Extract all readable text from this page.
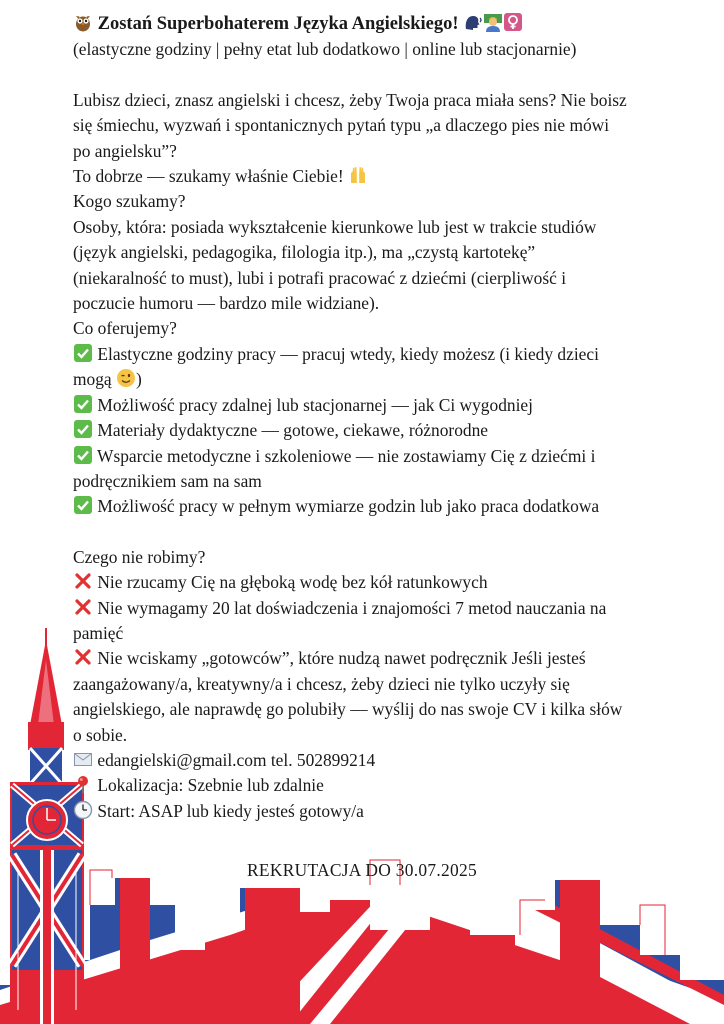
Zostań Superbohaterem Języka Angielskiego!

(elastyczne godziny | pełny etat lub dodatkowo | online lub stacjonarnie)

Lubisz dzieci, znasz angielski i chcesz, żeby Twoja praca miała sens? Nie boisz

się śmiechu, wyzwań i spontanicznych pytań typu „a dlaczego pies nie mówi

po angielsku”?

To dobrze — szukamy właśnie Ciebie!

Kogo szukamy?

Osoby, która: posiada wykształcenie kierunkowe lub jest w trakcie studiów

(język angielski, pedagogika, filologia itp.), ma „czystą kartotekę”

(niekaralność to must), lubi i potrafi pracować z dziećmi (cierpliwość i

poczucie humoru — bardzo mile widziane).

Co oferujemy?

Elastyczne godziny pracy — pracuj wtedy, kiedy możesz (i kiedy dzieci

mogą )

Możliwość pracy zdalnej lub stacjonarnej — jak Ci wygodniej

Materiały dydaktyczne — gotowe, ciekawe, różnorodne

Wsparcie metodyczne i szkoleniowe — nie zostawiamy Cię z dziećmi i

podręcznikiem sam na sam

Możliwość pracy w pełnym wymiarze godzin lub jako praca dodatkowa

Czego nie robimy?

Nie rzucamy Cię na głęboką wodę bez kół ratunkowych

Nie wymagamy 20 lat doświadczenia i znajomości 7 metod nauczania na

pamięć

Nie wciskamy „gotowców”, które nudzą nawet podręcznik Jeśli jesteś

zaangażowany/a, kreatywny/a i chcesz, żeby dzieci nie tylko uczyły się

angielskiego, ale naprawdę go polubiły — wyślij do nas swoje CV i kilka słów

o sobie.

edangielski@gmail.com tel. 502899214

Lokalizacja: Szebnie lub zdalnie

Start: ASAP lub kiedy jesteś gotowy/a

REKRUTACJA DO 30.07.2025
